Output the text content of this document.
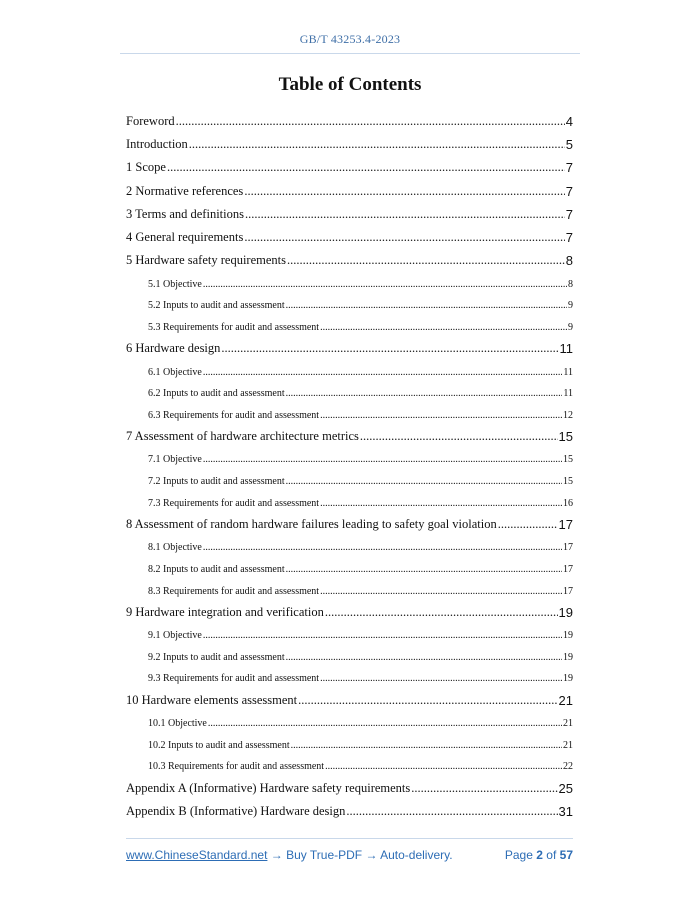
GB/T 43253.4-2023
Table of Contents
Foreword .....	4
Introduction .....	5
1 Scope .....	7
2 Normative references .....	7
3 Terms and definitions .....	7
4 General requirements .....	7
5 Hardware safety requirements .....	8
5.1 Objective .....	8
5.2 Inputs to audit and assessment .....	9
5.3 Requirements for audit and assessment .....	9
6 Hardware design .....	11
6.1 Objective .....	11
6.2 Inputs to audit and assessment .....	11
6.3 Requirements for audit and assessment .....	12
7 Assessment of hardware architecture metrics .....	15
7.1 Objective .....	15
7.2 Inputs to audit and assessment .....	15
7.3 Requirements for audit and assessment .....	16
8 Assessment of random hardware failures leading to safety goal violation .....	17
8.1 Objective .....	17
8.2 Inputs to audit and assessment .....	17
8.3 Requirements for audit and assessment .....	17
9 Hardware integration and verification .....	19
9.1 Objective .....	19
9.2 Inputs to audit and assessment .....	19
9.3 Requirements for audit and assessment .....	19
10 Hardware elements assessment .....	21
10.1 Objective .....	21
10.2 Inputs to audit and assessment .....	21
10.3 Requirements for audit and assessment .....	22
Appendix A (Informative) Hardware safety requirements .....	25
Appendix B (Informative) Hardware design .....	31
www.ChineseStandard.net → Buy True-PDF → Auto-delivery.	Page 2 of 57
